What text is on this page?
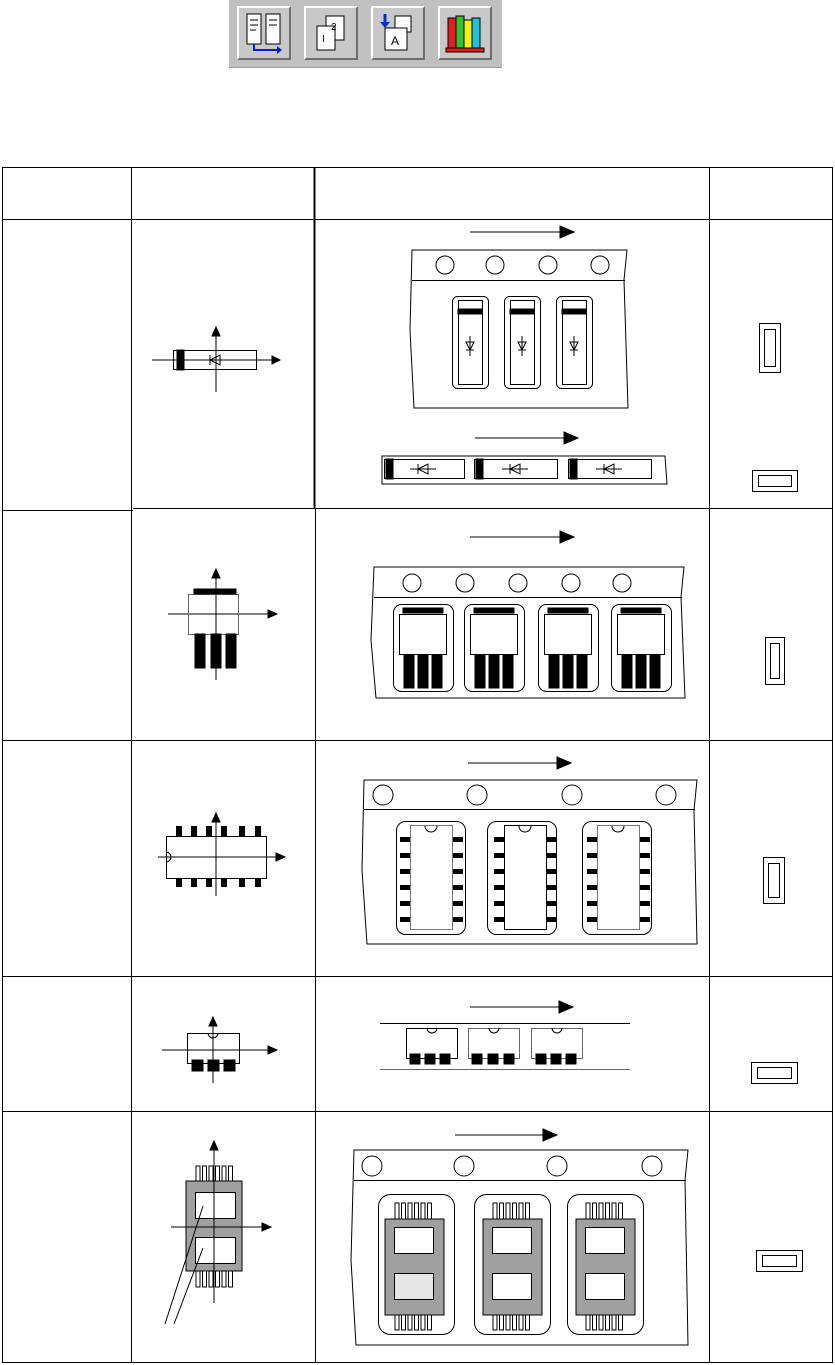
I
2
A
